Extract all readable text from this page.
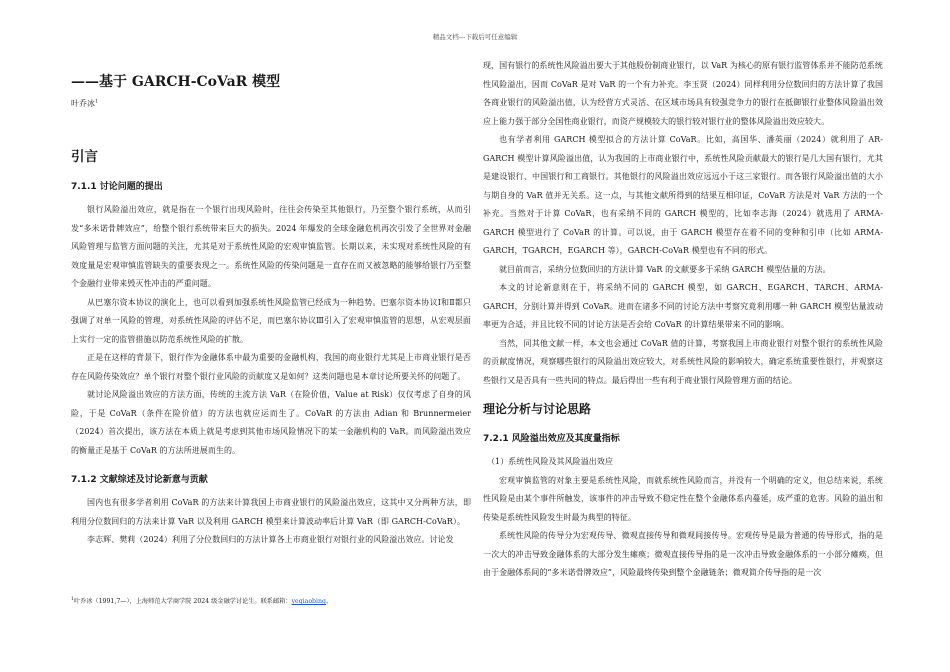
精品文档---下载后可任意编辑
——基于 GARCH-CoVaR 模型
叶乔冰$^1$
引言
7.1.1 讨论问题的提出

银行风险溢出效应，就是指在一个银行出现风险时，往往会传染至其他银行，乃至整个银行系统，从而引发“多米诺骨牌效应”，给整个银行系统带来巨大的损失。2024 年爆发的全球金融危机再次引发了全世界对金融风险管理与监管方面问题的关注，尤其是对于系统性风险的宏观审慎监管。长期以来，未实现对系统性风险的有效度量是宏观审慎监管缺失的重要表现之一。系统性风险的传染问题是一直存在而又被忽略的能够给银行乃至整个金融行业带来毁灭性冲击的严重问题。

从巴塞尔资本协议的演化上，也可以看到加强系统性风险监管已经成为一种趋势。巴塞尔资本协议Ⅰ和Ⅱ都只强调了对单一风险的管理，对系统性风险的评估不足，而巴塞尔协议Ⅲ引入了宏观审慎监管的思想，从宏观层面上实行一定的监管措施以防范系统性风险的扩散。

正是在这样的背景下，银行作为金融体系中最为重要的金融机构，我国的商业银行尤其是上市商业银行是否存在风险传染效应？单个银行对整个银行业风险的贡献度又是如何？这类问题也是本章讨论所要关怀的问题了。

就讨论风险溢出效应的方法方面，传统的主流方法 VaR（在险价值，Value at Risk）仅仅考虑了自身的风险，于是 CoVaR（条件在险价值）的方法也就应运而生了。CoVaR 的方法由 Adian 和 Brunnermeier（2024）首次提出，该方法在本质上就是考虑到其他市场风险情况下的某一金融机构的 VaR。而风险溢出效应的衡量正是基于 CoVaR 的方法所进展而生的。

7.1.2 文献综述及讨论新意与贡献

国内也有很多学者利用 CoVaR 的方法来计算我国上市商业银行的风险溢出效应，这其中又分两种方法，即利用分位数回归的方法来计算 VaR 以及利用 GARCH 模型来计算波动率后计算 VaR（即 GARCH-CoVaR）。

李志辉、樊莉（2024）利用了分位数回归的方法计算各上市商业银行对银行业的风险溢出效应。讨论发

现，国有银行的系统性风险溢出要大于其他股份制商业银行，以 VaR 为核心的原有银行监管体系并不能防范系统性风险溢出，因而 CoVaR 是对 VaR 的一个有力补充。李玉贤（2024）同样利用分位数回归的方法计算了我国各商业银行的风险溢出值，认为经营方式灵活、在区域市场具有较强竞争力的银行在抵御银行业整体风险溢出效应上能力强于部分全国性商业银行，而资产规模较大的银行较对银行业的整体风险溢出效应较大。

也有学者利用 GARCH 模型拟合的方法计算 CoVaR。比如，高国华、潘英丽（2024）就利用了 AR-GARCH 模型计算风险溢出值，认为我国的上市商业银行中，系统性风险贡献最大的银行是几大国有银行，尤其是建设银行、中国银行和工商银行。其他银行的风险溢出效应远远小于这三家银行。而各银行风险溢出值的大小与期自身的 VaR 值并无关系。这一点，与其他文献所得到的结果互相印证，CoVaR 方法是对 VaR 方法的一个补充。当然对于计算 CoVaR，也有采纳不同的 GARCH 模型的，比如李志海（2024）就选用了 ARMA-GARCH 模型进行了 CoVaR 的计算。可以说，由于 GARCH 模型存在着不同的变种和引申（比如 ARMA-GARCH，TGARCH，EGARCH 等），GARCH-CoVaR 模型也有不同的形式。

就目前而言，采纳分位数回归的方法计算 VaR 的文献要多于采纳 GARCH 模型估量的方法。

本文的讨论新意则在于，将采纳不同的 GARCH 模型，如 GARCH、EGARCH、TARCH、ARMA-GARCH，分别计算并得到 CoVaR。进而在诸多不同的讨论方法中考察究竟利用哪一种 GARCH 模型估量波动率更为合适，并且比较不同的讨论方法是否会给 CoVaR 的计算结果带来不同的影响。

当然，同其他文献一样，本文也会通过 CoVaR 值的计算，考察我国上市商业银行对整个银行的系统性风险的贡献度情况，观察哪些银行的风险溢出效应较大，对系统性风险的影响较大，确定系统重要性银行，并观察这些银行又是否具有一些共同的特点。最后得出一些有利于商业银行风险管理方面的结论。

理论分析与讨论思路
7.2.1 风险溢出效应及其度量指标

（1）系统性风险及其风险溢出效应

宏观审慎监管的对象主要是系统性风险，而就系统性风险而言，并没有一个明确的定义，但总结来说，系统性风险是由某个事件所触发，该事件的冲击导致不稳定性在整个金融体系内蔓延，成严重的危害。风险的溢出和传染是系统性风险发生时最为典型的特征。

系统性风险的传导分为宏观传导、微观直接传导和微观间接传导。宏观传导是最为普通的传导形式，指的是一次大的冲击导致金融体系的大部分发生瘫痪；微观直接传导指的是一次冲击导致金融体系的一小部分瘫痪，但由于金融体系间的“多米诺骨牌效应”，风险最终传染到整个金融链条；微观简介传导指的是一次

$^1$叶乔冰（1991,7—），上海师范大学商学院 2024 级金融学讨论生。联系邮箱：yeqiaobing。
